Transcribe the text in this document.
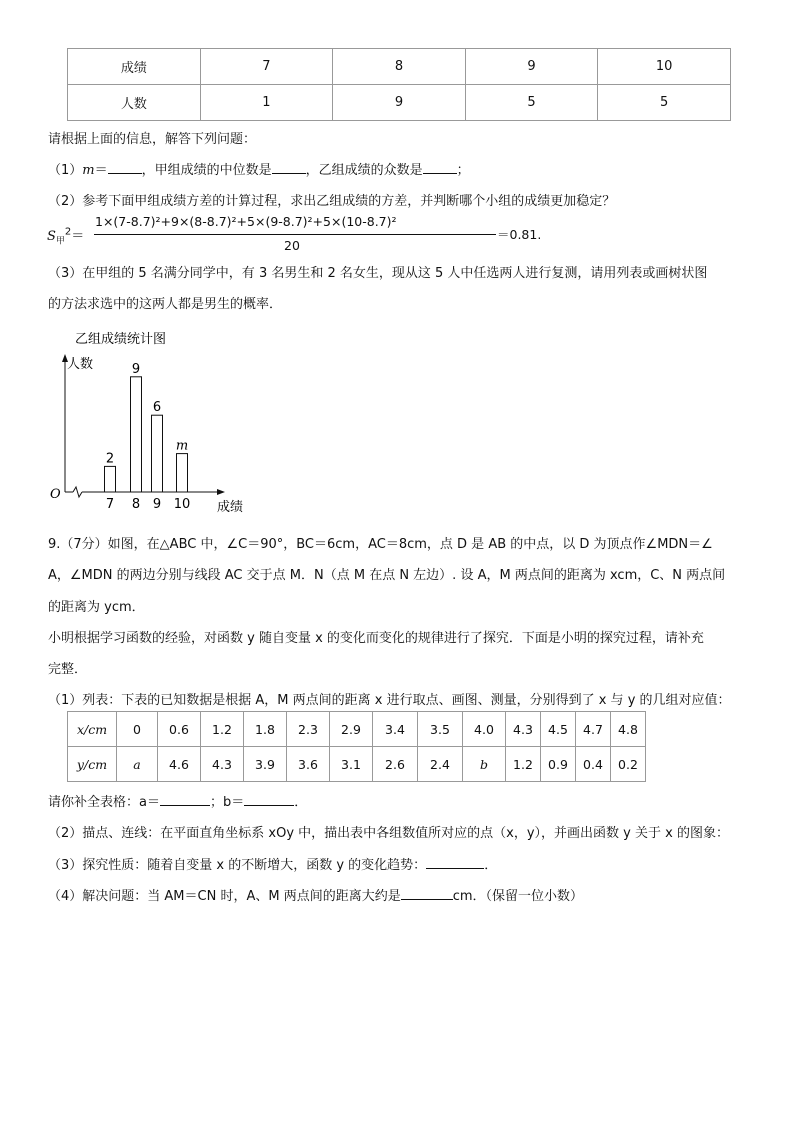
成绩	7	8	9	10
人数	1	9	5	5
请根据上面的信息，解答下列问题：
（1）m＝	，甲组成绩的中位数是	，乙组成绩的众数是	；
（2）参考下面甲组成绩方差的计算过程，求出乙组成绩的方差，并判断哪个小组的成绩更加稳定？
$S_甲^2=$
1×(7-8.7)²+9×(8-8.7)²+5×(9-8.7)²+5×(10-8.7)²
20
＝0.81.
（3）在甲组的 5 名满分同学中，有 3 名男生和 2 名女生，现从这 5 人中任选两人进行复测，请用列表或画树状图
的方法求选中的这两人都是男生的概率．
乙组成绩统计图
人数
O
成绩
2
7
9
8
6
9
m
10
9.（7分）如图，在△ABC 中，∠C＝90°，BC＝6cm，AC＝8cm，点 D 是 AB 的中点，以 D 为顶点作∠MDN＝∠
A，∠MDN 的两边分别与线段 AC 交于点 M．N（点 M 在点 N 左边）. 设 A，M 两点间的距离为 xcm，C、N 两点间
的距离为 ycm．
小明根据学习函数的经验，对函数 y 随自变量 x 的变化而变化的规律进行了探究．下面是小明的探究过程，请补充
完整．
（1）列表：下表的已知数据是根据 A，M 两点间的距离 x 进行取点、画图、测量，分别得到了 x 与 y 的几组对应值：
x/cm	0	0.6	1.2	1.8	2.3	2.9	3.4	3.5	4.0	4.3	4.5	4.7	4.8
y/cm	a	4.6	4.3	3.9	3.6	3.1	2.6	2.4	b	1.2	0.9	0.4	0.2
请你补全表格：a＝	；b＝	．
（2）描点、连线：在平面直角坐标系 xOy 中，描出表中各组数值所对应的点（x，y），并画出函数 y 关于 x 的图象：
（3）探究性质：随着自变量 x 的不断增大，函数 y 的变化趋势：	．
（4）解决问题：当 AM＝CN 时，A、M 两点间的距离大约是	cm．（保留一位小数）
